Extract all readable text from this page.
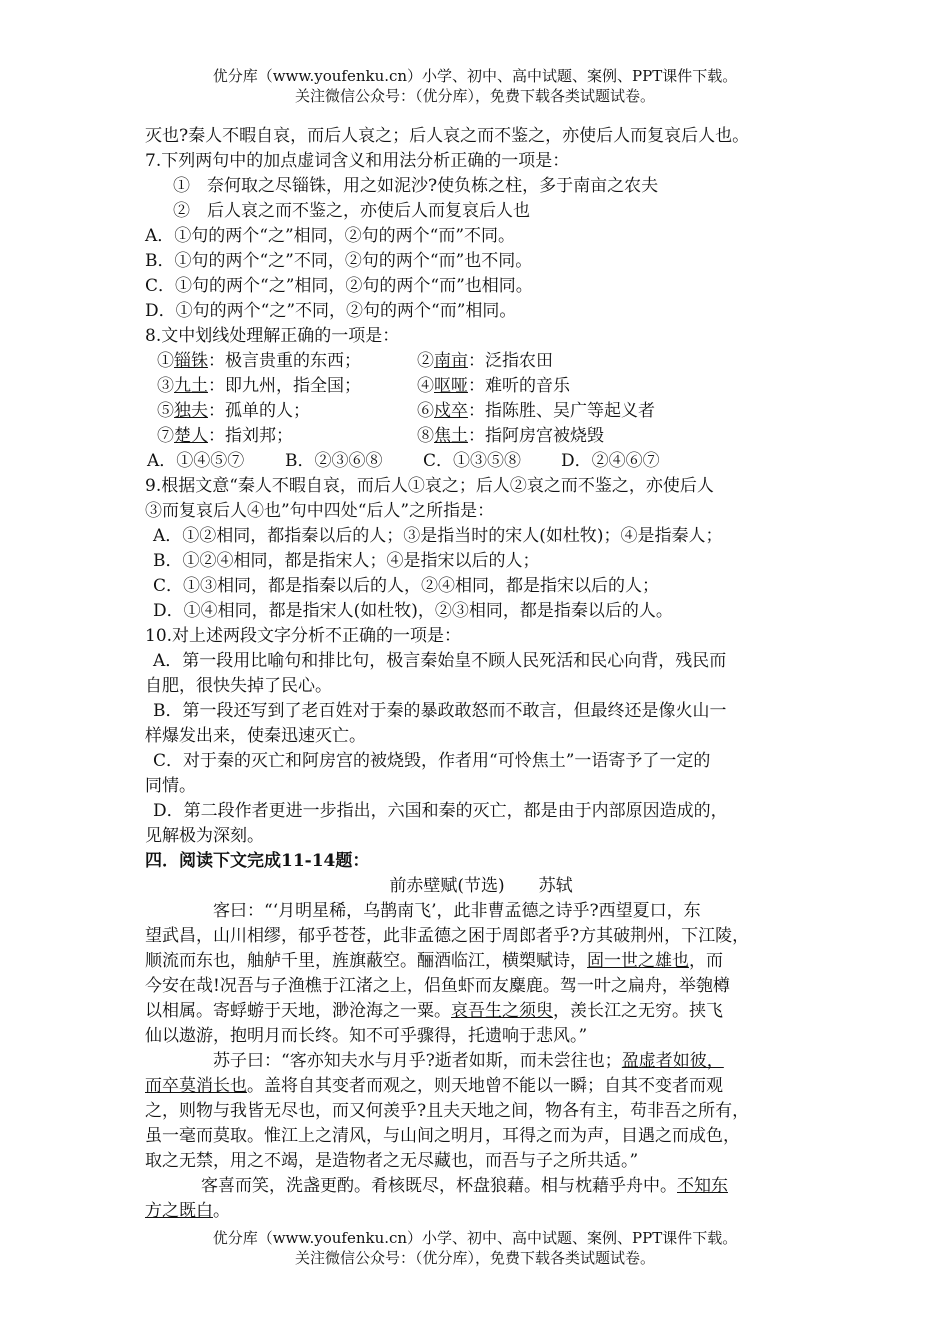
优分库（www.youfenku.cn）小学、初中、高中试题、案例、PPT课件下载。
关注微信公众号：（优分库），免费下载各类试题试卷。
灭也?秦人不暇自哀，而后人哀之；后人哀之而不鉴之，亦使后人而复哀后人也。
7.下列两句中的加点虚词含义和用法分析正确的一项是：
①　奈何取之尽锱铢，用之如泥沙?使负栋之柱，多于南亩之农夫
②　后人哀之而不鉴之，亦使后人而复哀后人也
A．①句的两个“之”相同，②句的两个“而”不同。
B．①句的两个“之”不同，②句的两个“而”也不同。
C．①句的两个“之”相同，②句的两个“而”也相同。
D．①句的两个“之”不同，②句的两个“而”相同。
8.文中划线处理解正确的一项是：
①锱铢：极言贵重的东西；	②南亩：泛指农田
③九土：即九州，指全国；	④呕哑：难听的音乐
⑤独夫：孤单的人；	⑥戍卒：指陈胜、吴广等起义者
⑦楚人：指刘邦；	⑧焦土：指阿房宫被烧毁
A．①④⑤⑦ B．②③⑥⑧ C．①③⑤⑧ D．②④⑥⑦
9.根据文意“秦人不暇自哀，而后人①哀之；后人②哀之而不鉴之，亦使后人
③而复哀后人④也”句中四处“后人”之所指是：
A．①②相同，都指秦以后的人；③是指当时的宋人(如杜牧)；④是指秦人；
B．①②④相同，都是指宋人；④是指宋以后的人；
C．①③相同，都是指秦以后的人，②④相同，都是指宋以后的人；
D．①④相同，都是指宋人(如杜牧)，②③相同，都是指秦以后的人。
10.对上述两段文字分析不正确的一项是：
A．第一段用比喻句和排比句，极言秦始皇不顾人民死活和民心向背，残民而
自肥，很快失掉了民心。
B．第一段还写到了老百姓对于秦的暴政敢怒而不敢言，但最终还是像火山一
样爆发出来，使秦迅速灭亡。
C．对于秦的灭亡和阿房宫的被烧毁，作者用“可怜焦土”一语寄予了一定的
同情。
D．第二段作者更进一步指出，六国和秦的灭亡，都是由于内部原因造成的，
见解极为深刻。
四．阅读下文完成11-14题：
前赤壁赋(节选)　　苏轼
客曰：“‘月明星稀，乌鹊南飞’，此非曹孟德之诗乎?西望夏口，东
望武昌，山川相缪，郁乎苍苍，此非孟德之困于周郎者乎?方其破荆州，下江陵，
顺流而东也，舳舻千里，旌旗蔽空。酾酒临江，横槊赋诗，固一世之雄也，而
今安在哉!况吾与子渔樵于江渚之上，侣鱼虾而友麋鹿。驾一叶之扁舟，举匏樽
以相属。寄蜉蝣于天地，渺沧海之一粟。哀吾生之须臾，羡长江之无穷。挟飞
仙以遨游，抱明月而长终。知不可乎骤得，托遗响于悲风。”
苏子曰：“客亦知夫水与月乎?逝者如斯，而未尝往也；盈虚者如彼，
而卒莫消长也。盖将自其变者而观之，则天地曾不能以一瞬；自其不变者而观
之，则物与我皆无尽也，而又何羡乎?且夫天地之间，物各有主，苟非吾之所有，
虽一毫而莫取。惟江上之清风，与山间之明月，耳得之而为声，目遇之而成色，
取之无禁，用之不竭，是造物者之无尽藏也，而吾与子之所共适。”
客喜而笑，洗盏更酌。肴核既尽，杯盘狼藉。相与枕藉乎舟中。不知东
方之既白。
优分库（www.youfenku.cn）小学、初中、高中试题、案例、PPT课件下载。
关注微信公众号：（优分库），免费下载各类试题试卷。
